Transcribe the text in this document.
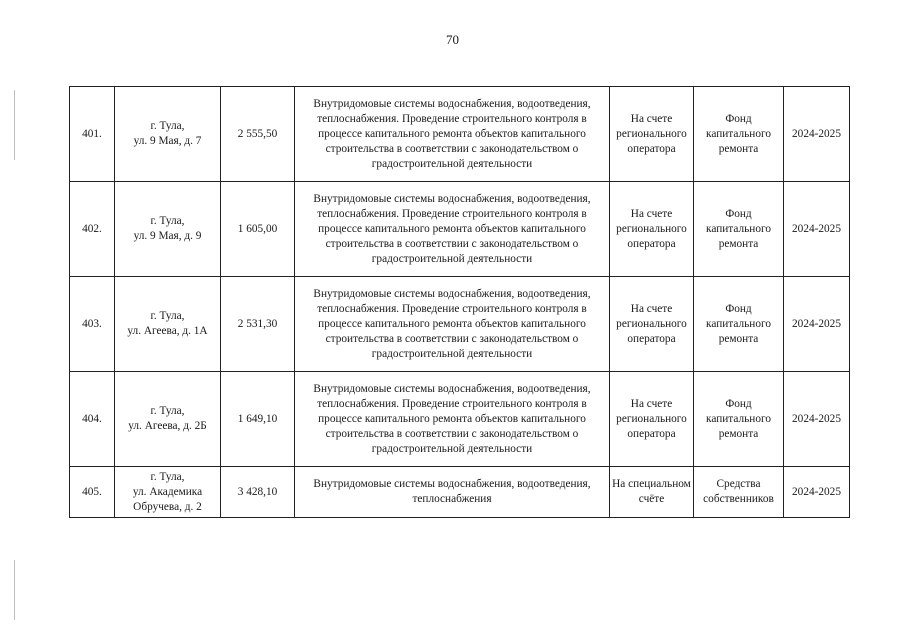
70
401.	г. Тула,
ул. 9 Мая, д. 7	2 555,50	Внутридомовые системы водоснабжения, водоотведения, теплоснабжения. Проведение строительного контроля в процессе капитального ремонта объектов капитального строительства в соответствии с законодательством о градостроительной деятельности	На счете регионального оператора	Фонд капитального ремонта	2024-2025
402.	г. Тула,
ул. 9 Мая, д. 9	1 605,00	Внутридомовые системы водоснабжения, водоотведения, теплоснабжения. Проведение строительного контроля в процессе капитального ремонта объектов капитального строительства в соответствии с законодательством о градостроительной деятельности	На счете регионального оператора	Фонд капитального ремонта	2024-2025
403.	г. Тула,
ул. Агеева, д. 1А	2 531,30	Внутридомовые системы водоснабжения, водоотведения, теплоснабжения. Проведение строительного контроля в процессе капитального ремонта объектов капитального строительства в соответствии с законодательством о градостроительной деятельности	На счете регионального оператора	Фонд капитального ремонта	2024-2025
404.	г. Тула,
ул. Агеева, д. 2Б	1 649,10	Внутридомовые системы водоснабжения, водоотведения, теплоснабжения. Проведение строительного контроля в процессе капитального ремонта объектов капитального строительства в соответствии с законодательством о градостроительной деятельности	На счете регионального оператора	Фонд капитального ремонта	2024-2025
405.	г. Тула,
ул. Академика
Обручева, д. 2	3 428,10	Внутридомовые системы водоснабжения, водоотведения, теплоснабжения	На специальном счёте	Средства собственников	2024-2025
